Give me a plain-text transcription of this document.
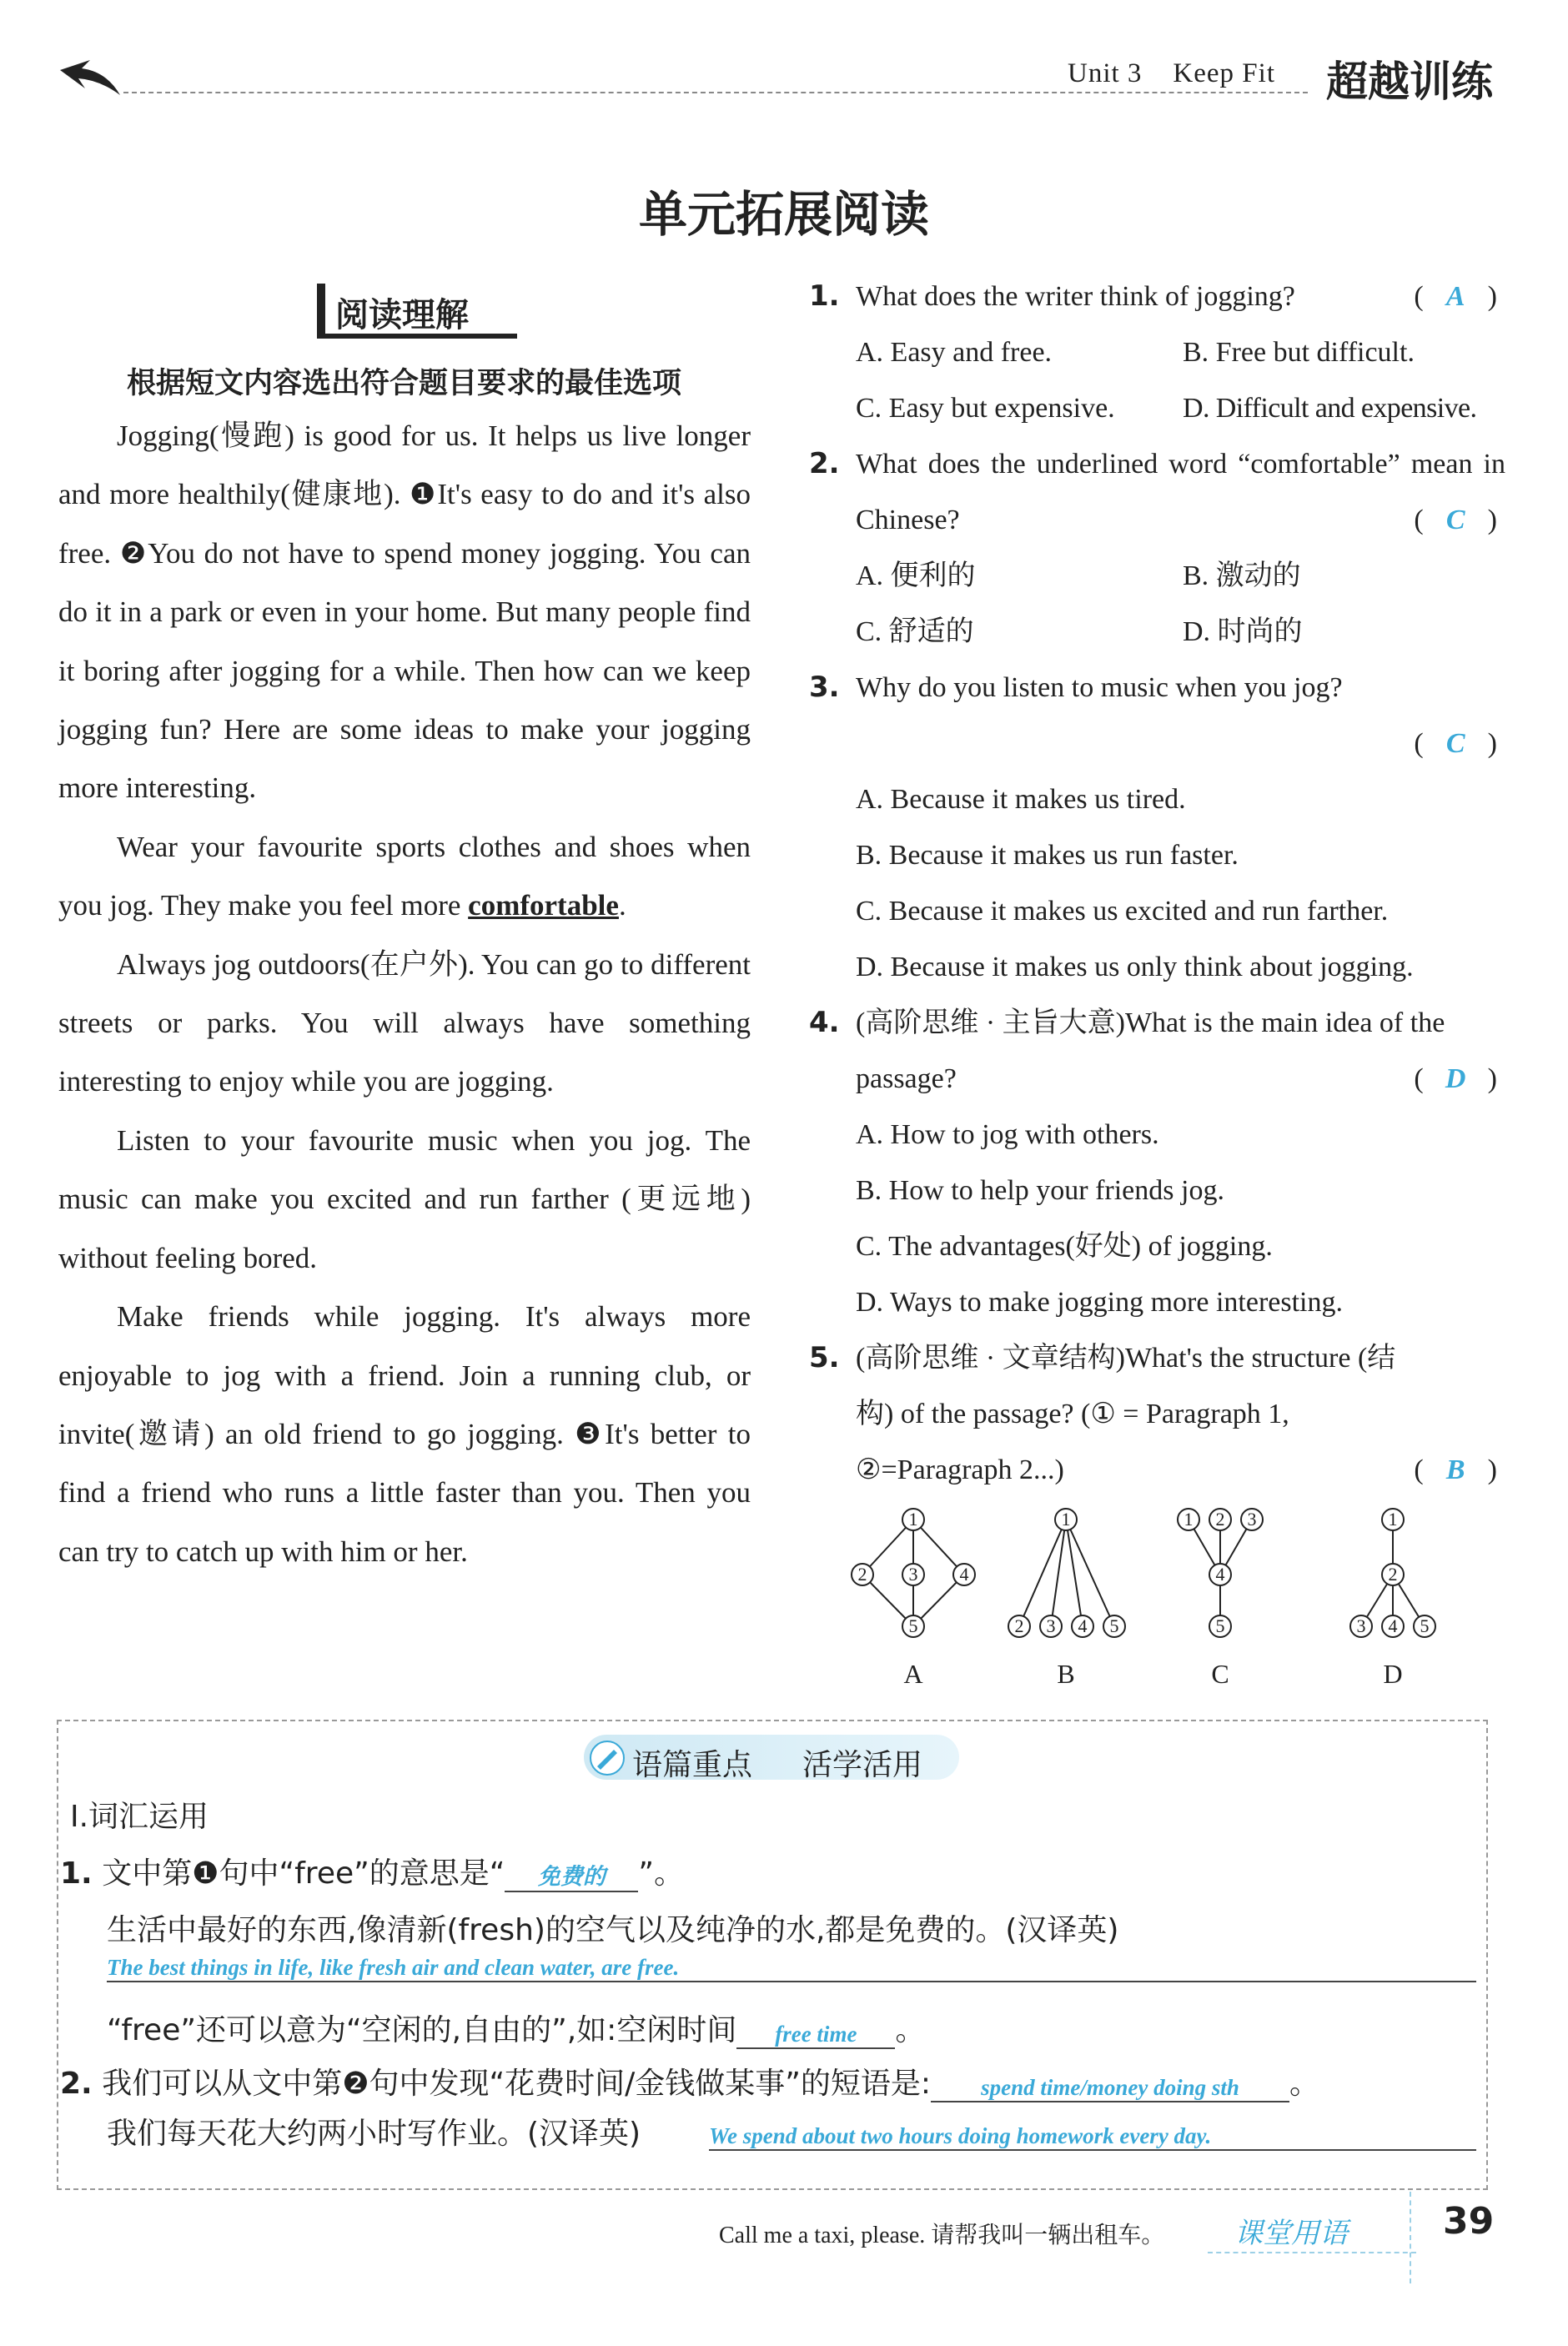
Unit 3    Keep Fit 超越训练
单元拓展阅读
阅读理解
根据短文内容选出符合题目要求的最佳选项

Jogging(慢跑) is good for us. It helps us live longer and more healthily(健康地). ❶It's easy to do and it's also free. ❷You do not have to spend money jogging. You can do it in a park or even in your home. But many people find it boring after jogging for a while. Then how can we keep jogging fun? Here are some ideas to make your jogging more interesting.

Wear your favourite sports clothes and shoes when you jog. They make you feel more comfortable.

Always jog outdoors(在户外). You can go to different streets or parks. You will always have something interesting to enjoy while you are jogging.

Listen to your favourite music when you jog. The music can make you excited and run farther (更远地) without feeling bored.

Make friends while jogging. It's always more enjoyable to jog with a friend. Join a running club, or invite(邀请) an old friend to go jogging. ❸It's better to find a friend who runs a little faster than you. Then you can try to catch up with him or her.

1. What does the writer think of jogging?	( A )
A. Easy and free.	B. Free but difficult.
C. Easy but expensive.	D. Difficult and expensive.
2. What does the underlined word “comfortable” mean in Chinese?	( C )
A. 便利的	B. 激动的
C. 舒适的	D. 时尚的
3. Why do you listen to music when you jog?
( C )
A. Because it makes us tired.
B. Because it makes us run faster.
C. Because it makes us excited and run farther.
D. Because it makes us only think about jogging.
4. (高阶思维 · 主旨大意)What is the main idea of the passage?	( D )
A. How to jog with others.
B. How to help your friends jog.
C. The advantages(好处) of jogging.
D. Ways to make jogging more interesting.
5. (高阶思维 · 文章结构)What's the structure (结构) of the passage? (① = Paragraph 1, ②=Paragraph 2...)	( B )
1
2 3 4
5
1
2 3 4 5
1 2 3
4
5
1
2
3 4 5
A	B	C	D
语篇重点 活学活用
Ⅰ.词汇运用
1. 文中第❶句中“free”的意思是“ 免费的 ”。
生活中最好的东西,像清新(fresh)的空气以及纯净的水,都是免费的。(汉译英)
The best things in life, like fresh air and clean water, are free.
“free”还可以意为“空闲的,自由的”,如:空闲时间 free time 。
2. 我们可以从文中第❷句中发现“花费时间/金钱做某事”的短语是: spend time/money doing sth 。
我们每天花大约两小时写作业。(汉译英)	We spend about two hours doing homework every day.
Call me a taxi, please. 请帮我叫一辆出租车。 课堂用语	39
